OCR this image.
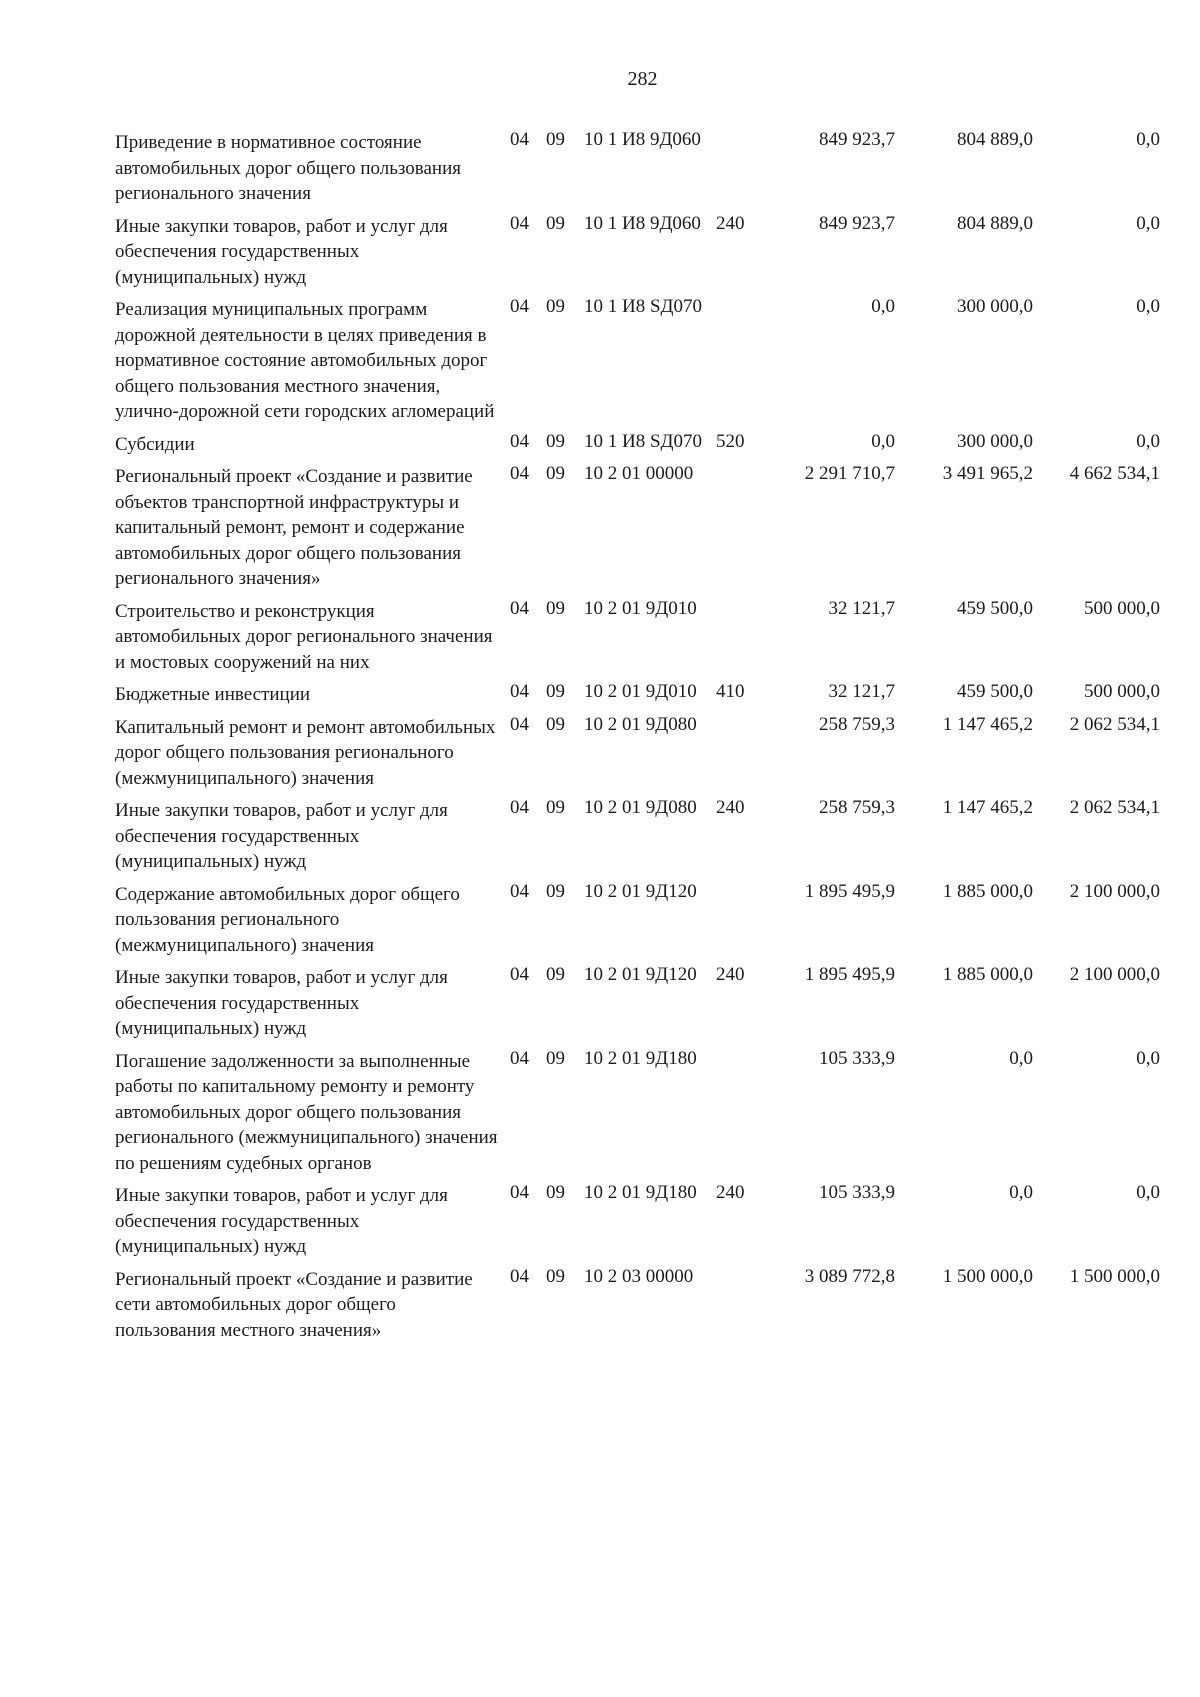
282
Приведение в нормативное состояние автомобильных дорог общего пользования регионального значения
04 09	10 1 И8 9Д060	849 923,7	804 889,0	0,0
Иные закупки товаров, работ и услуг для обеспечения государственных (муниципальных) нужд
04 09	10 1 И8 9Д060 240	849 923,7	804 889,0	0,0
Реализация муниципальных программ дорожной деятельности в целях приведения в нормативное состояние автомобильных дорог общего пользования местного значения, улично-дорожной сети городских агломераций
04 09	10 1 И8 SД070	0,0	300 000,0	0,0
Субсидии	04 09	10 1 И8 SД070 520	0,0	300 000,0	0,0
Региональный проект «Создание и развитие объектов транспортной инфраструктуры и капитальный ремонт, ремонт и содержание автомобильных дорог общего пользования регионального значения»
04 09	10 2 01 00000	2 291 710,7	3 491 965,2	4 662 534,1
Строительство и реконструкция автомобильных дорог регионального значения и мостовых сооружений на них
04 09	10 2 01 9Д010	32 121,7	459 500,0	500 000,0
Бюджетные инвестиции	04 09	10 2 01 9Д010	410	32 121,7	459 500,0	500 000,0
Капитальный ремонт и ремонт автомобильных дорог общего пользования регионального (межмуниципального) значения
04 09	10 2 01 9Д080	258 759,3	1 147 465,2	2 062 534,1
Иные закупки товаров, работ и услуг для обеспечения государственных (муниципальных) нужд
04 09	10 2 01 9Д080	240	258 759,3	1 147 465,2	2 062 534,1
Содержание автомобильных дорог общего пользования регионального (межмуниципального) значения
04 09	10 2 01 9Д120	1 895 495,9	1 885 000,0	2 100 000,0
Иные закупки товаров, работ и услуг для обеспечения государственных (муниципальных) нужд
04 09	10 2 01 9Д120	240	1 895 495,9	1 885 000,0	2 100 000,0
Погашение задолженности за выполненные работы по капитальному ремонту и ремонту автомобильных дорог общего пользования регионального (межмуниципального) значения по решениям судебных органов
04 09	10 2 01 9Д180	105 333,9	0,0	0,0
Иные закупки товаров, работ и услуг для обеспечения государственных (муниципальных) нужд
04 09	10 2 01 9Д180	240	105 333,9	0,0	0,0
Региональный проект «Создание и развитие сети автомобильных дорог общего пользования местного значения»
04 09	10 2 03 00000	3 089 772,8	1 500 000,0	1 500 000,0
